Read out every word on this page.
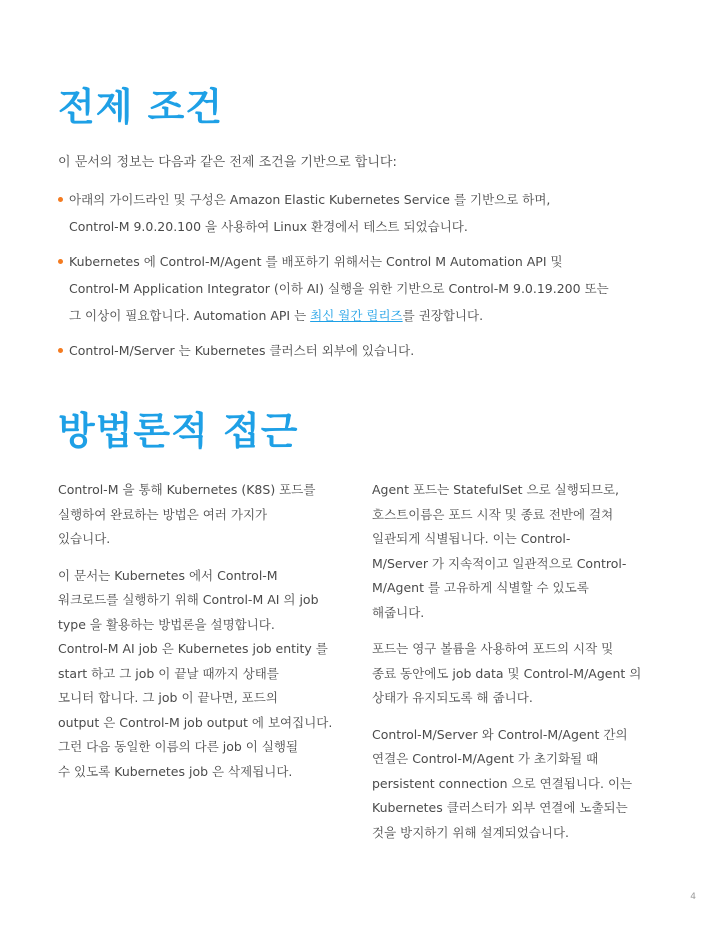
전제 조건
이 문서의 정보는 다음과 같은 전제 조건을 기반으로 합니다:
아래의 가이드라인 및 구성은 Amazon Elastic Kubernetes Service 를 기반으로 하며,
Control-M 9.0.20.100 을 사용하여 Linux 환경에서 테스트 되었습니다.
Kubernetes 에 Control-M/Agent 를 배포하기 위해서는 Control M Automation API 및
Control-M Application Integrator (이하 AI) 실행을 위한 기반으로 Control-M 9.0.19.200 또는
그 이상이 필요합니다. Automation API 는 최신 월간 릴리즈를 권장합니다.
Control-M/Server 는 Kubernetes 클러스터 외부에 있습니다.
방법론적 접근

Control-M 을 통해 Kubernetes (K8S) 포드를
실행하여 완료하는 방법은 여러 가지가
있습니다.

이 문서는 Kubernetes 에서 Control-M
워크로드를 실행하기 위해 Control-M AI 의 job
type 을 활용하는 방법론을 설명합니다.
Control-M AI job 은 Kubernetes job entity 를
start 하고 그 job 이 끝날 때까지 상태를
모니터 합니다. 그 job 이 끝나면, 포드의
output 은 Control-M job output 에 보여집니다.
그런 다음 동일한 이름의 다른 job 이 실행될
수 있도록 Kubernetes job 은 삭제됩니다.

Agent 포드는 StatefulSet 으로 실행되므로,
호스트이름은 포드 시작 및 종료 전반에 걸쳐
일관되게 식별됩니다. 이는 Control-
M/Server 가 지속적이고 일관적으로 Control-
M/Agent 를 고유하게 식별할 수 있도록
해줍니다.

포드는 영구 볼륨을 사용하여 포드의 시작 및
종료 동안에도 job data 및 Control-M/Agent 의
상태가 유지되도록 해 줍니다.

Control-M/Server 와 Control-M/Agent 간의
연결은 Control-M/Agent 가 초기화될 때
persistent connection 으로 연결됩니다. 이는
Kubernetes 클러스터가 외부 연결에 노출되는
것을 방지하기 위해 설계되었습니다.

4
